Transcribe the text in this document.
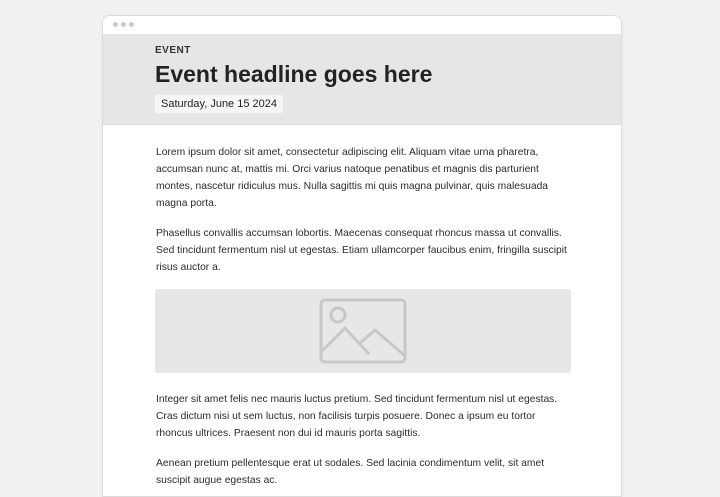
EVENT
Event headline goes here
Saturday, June 15 2024

Lorem ipsum dolor sit amet, consectetur adipiscing elit. Aliquam vitae urna pharetra, accumsan nunc at, mattis mi. Orci varius natoque penatibus et magnis dis parturient montes, nascetur ridiculus mus. Nulla sagittis mi quis magna pulvinar, quis malesuada magna porta.

Phasellus convallis accumsan lobortis. Maecenas consequat rhoncus massa ut convallis. Sed tincidunt fermentum nisl ut egestas. Etiam ullamcorper faucibus enim, fringilla suscipit risus auctor a.

Integer sit amet felis nec mauris luctus pretium. Sed tincidunt fermentum nisl ut egestas. Cras dictum nisi ut sem luctus, non facilisis turpis posuere. Donec a ipsum eu tortor rhoncus ultrices. Praesent non dui id mauris porta sagittis.

Aenean pretium pellentesque erat ut sodales. Sed lacinia condimentum velit, sit amet suscipit augue egestas ac.
